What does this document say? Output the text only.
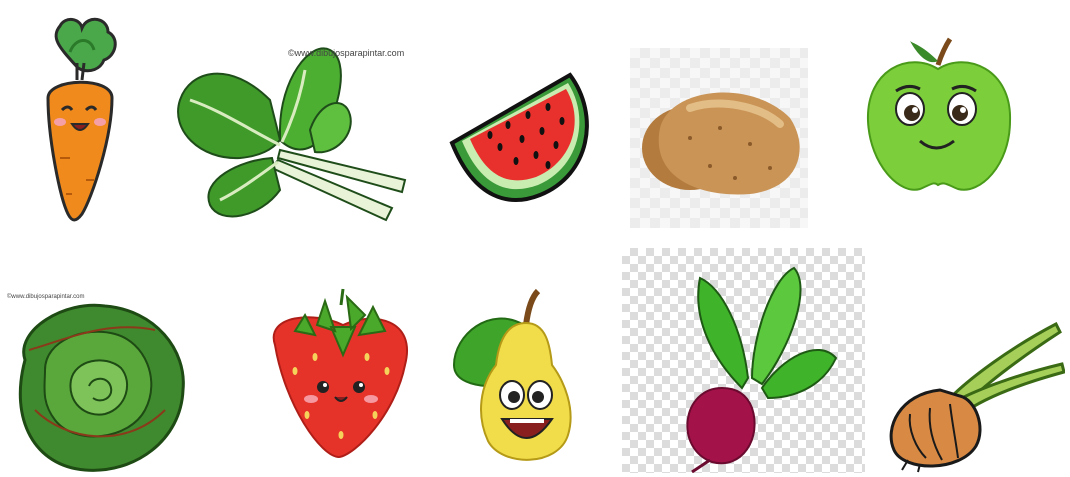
©www.dibujosparapintar.com
©www.dibujosparapintar.com
